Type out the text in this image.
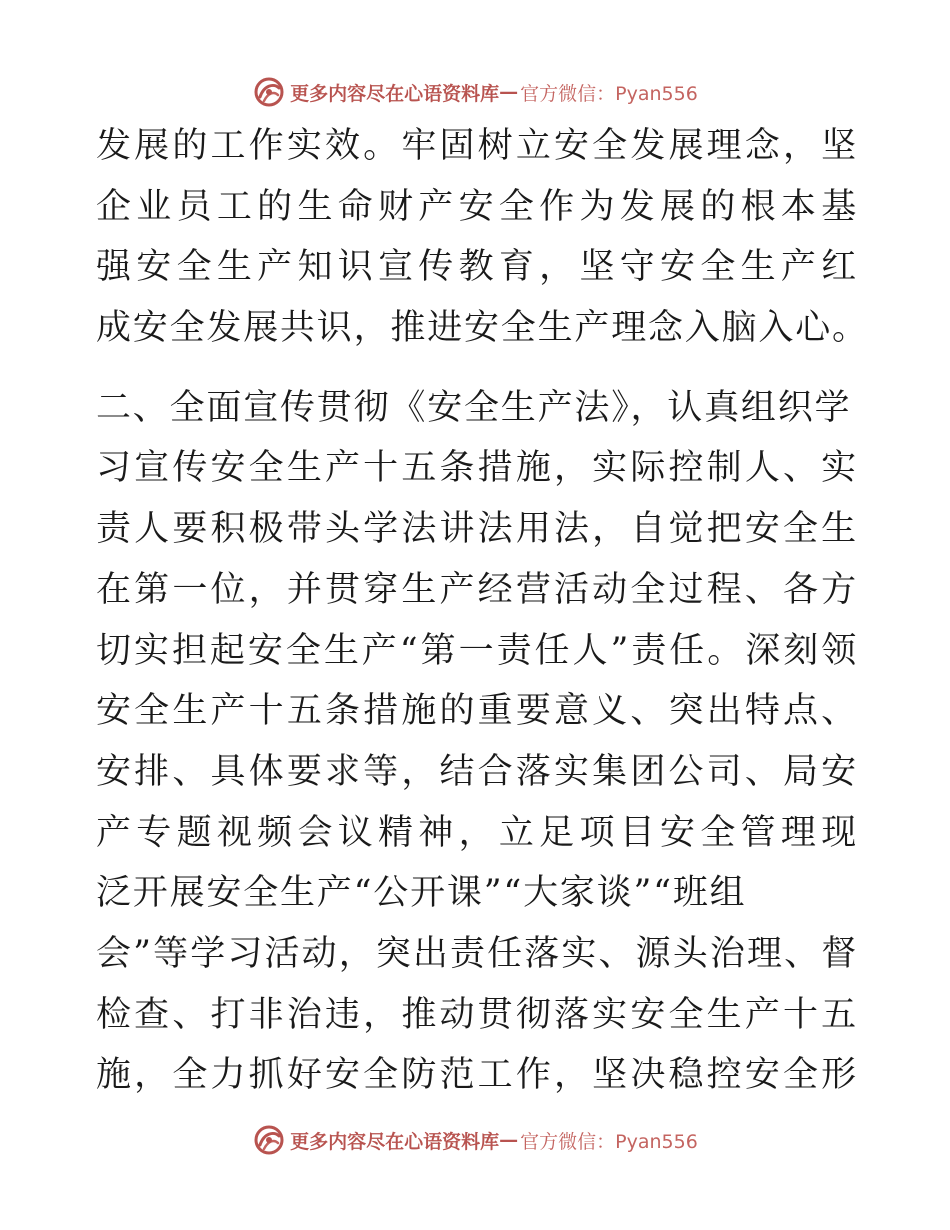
更多内容尽在心语资料库 — 官方微信：Pyan556
发展的工作实效。牢固树立安全发展理念，坚
企业员工的生命财产安全作为发展的根本基
强安全生产知识宣传教育，坚守安全生产红
成安全发展共识，推进安全生产理念入脑入心。
二、全面宣传贯彻《安全生产法》，认真组织学
习宣传安全生产十五条措施，实际控制人、实
责人要积极带头学法讲法用法，自觉把安全生
在第一位，并贯穿生产经营活动全过程、各方
切实担起安全生产“第一责任人”责任。深刻领
安全生产十五条措施的重要意义、突出特点、
安排、具体要求等，结合落实集团公司、局安
产专题视频会议精神，立足项目安全管理现
泛开展安全生产“公开课”“大家谈”“班组
会”等学习活动，突出责任落实、源头治理、督
检查、打非治违，推动贯彻落实安全生产十五
施，全力抓好安全防范工作，坚决稳控安全形
更多内容尽在心语资料库 — 官方微信：Pyan556
